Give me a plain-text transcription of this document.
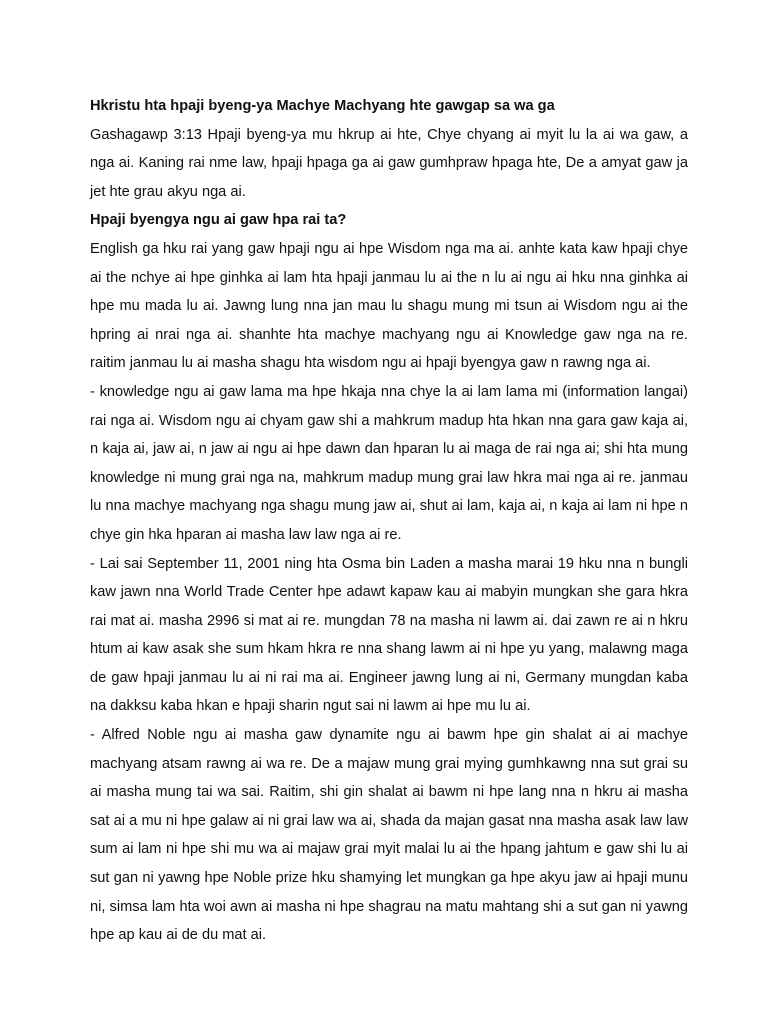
Hkristu hta hpaji byeng-ya Machye Machyang hte gawgap sa wa ga

Gashagawp 3:13 Hpaji byeng-ya mu hkrup ai hte, Chye chyang ai myit lu la ai wa gaw, a nga ai. Kaning rai nme law, hpaji hpaga ga ai gaw gumhpraw hpaga hte, De a amyat gaw ja jet hte grau akyu nga ai.

Hpaji byengya ngu ai gaw hpa rai ta?

English ga hku rai yang gaw hpaji ngu ai hpe Wisdom nga ma ai. anhte kata kaw hpaji chye ai the nchye ai hpe ginhka ai lam hta hpaji janmau lu ai the n lu ai ngu ai hku nna ginhka ai hpe mu mada lu ai. Jawng lung nna jan mau lu shagu mung mi tsun ai Wisdom ngu ai the hpring ai nrai nga ai. shanhte hta machye machyang ngu ai Knowledge gaw nga na re. raitim janmau lu ai masha shagu hta wisdom ngu ai hpaji byengya gaw n rawng nga ai.

- knowledge ngu ai gaw lama ma hpe hkaja nna chye la ai lam lama mi (information langai) rai nga ai. Wisdom ngu ai chyam gaw shi a mahkrum madup hta hkan nna gara gaw kaja ai, n kaja ai, jaw ai, n jaw ai ngu ai hpe dawn dan hparan lu ai maga de rai nga ai; shi hta mung knowledge ni mung grai nga na, mahkrum madup mung grai law hkra mai nga ai re. janmau lu nna machye machyang nga shagu mung jaw ai, shut ai lam, kaja ai, n kaja ai lam ni hpe n chye gin hka hparan ai masha law law nga ai re.

- Lai sai September 11, 2001 ning hta Osma bin Laden a masha marai 19 hku nna n bungli kaw jawn nna World Trade Center hpe adawt kapaw kau ai mabyin mungkan she gara hkra rai mat ai. masha 2996 si mat ai re. mungdan 78 na masha ni lawm ai. dai zawn re ai n hkru htum ai kaw asak she sum hkam hkra re nna shang lawm ai ni hpe yu yang, malawng maga de gaw hpaji janmau lu ai ni rai ma ai. Engineer jawng lung ai ni, Germany mungdan kaba na dakksu kaba hkan e hpaji sharin ngut sai ni lawm ai hpe mu lu ai.

- Alfred Noble ngu ai masha gaw dynamite ngu ai bawm hpe gin shalat ai ai machye machyang atsam rawng ai wa re. De a majaw mung grai mying gumhkawng nna sut grai su ai masha mung tai wa sai. Raitim, shi gin shalat ai bawm ni hpe lang nna n hkru ai masha sat ai a mu ni hpe galaw ai ni grai law wa ai, shada da majan gasat nna masha asak law law sum ai lam ni hpe shi mu wa ai majaw grai myit malai lu ai the hpang jahtum e gaw shi lu ai sut gan ni yawng hpe Noble prize hku shamying let mungkan ga hpe akyu jaw ai hpaji munu ni, simsa lam hta woi awn ai masha ni hpe shagrau na matu mahtang shi a sut gan ni yawng hpe ap kau ai de du mat ai.
